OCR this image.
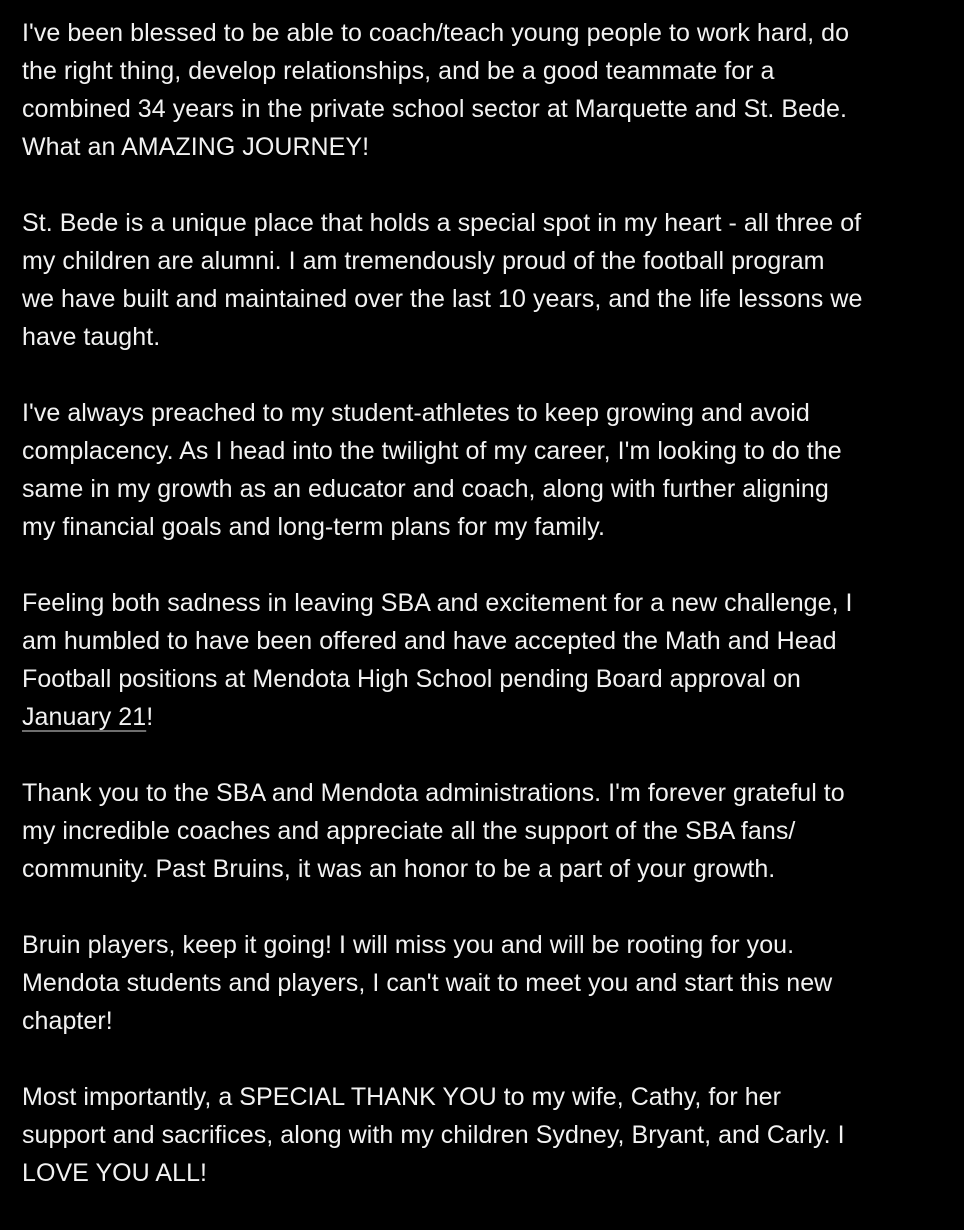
I've been blessed to be able to coach/teach young people to work hard, do
the right thing, develop relationships, and be a good teammate for a
combined 34 years in the private school sector at Marquette and St. Bede.
What an AMAZING JOURNEY!
St. Bede is a unique place that holds a special spot in my heart - all three of
my children are alumni. I am tremendously proud of the football program
we have built and maintained over the last 10 years, and the life lessons we
have taught.
I've always preached to my student-athletes to keep growing and avoid
complacency. As I head into the twilight of my career, I'm looking to do the
same in my growth as an educator and coach, along with further aligning
my financial goals and long-term plans for my family.
Feeling both sadness in leaving SBA and excitement for a new challenge, I
am humbled to have been offered and have accepted the Math and Head
Football positions at Mendota High School pending Board approval on
January 21!
Thank you to the SBA and Mendota administrations. I'm forever grateful to
my incredible coaches and appreciate all the support of the SBA fans/
community. Past Bruins, it was an honor to be a part of your growth.
Bruin players, keep it going! I will miss you and will be rooting for you.
Mendota students and players, I can't wait to meet you and start this new
chapter!
Most importantly, a SPECIAL THANK YOU to my wife, Cathy, for her
support and sacrifices, along with my children Sydney, Bryant, and Carly. I
LOVE YOU ALL!
